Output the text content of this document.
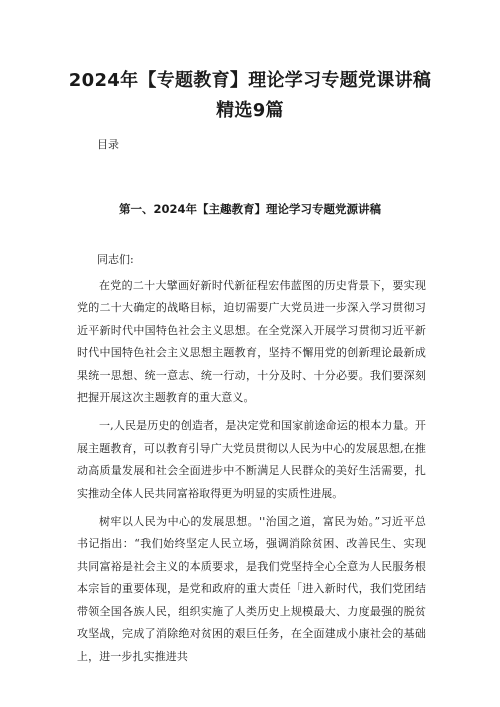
2024年【专题教育】理论学习专题党课讲稿
精选9篇
目录
第一、2024年【主趣教育】理论学习专题党源讲稿
同志们:

在党的二十大擘画好新时代新征程宏伟蓝图的历史背景下，要实现党的二十大确定的战略目标，迫切需要广大党员进一步深入学习贯彻习近平新时代中国特色社会主义思想。在全党深入开展学习贯彻习近平新时代中国特色社会主义思想主题教育，坚持不懈用党的创新理论最新成果统一思想、统一意志、统一行动，十分及时、十分必要。我们要深刻把握开展这次主题教育的重大意义。

一,人民是历史的创造者，是决定党和国家前途命运的根本力量。开展主题教育，可以教育引导广大党员贯彻以人民为中心的发展思想,在推动高质量发展和社会全面进步中不断满足人民群众的美好生活需要，扎实推动全体人民共同富裕取得更为明显的实质性进展。

树牢以人民为中心的发展思想。''治国之道，富民为始。”习近平总书记指出：“我们始终坚定人民立场，强调消除贫困、改善民生、实现共同富裕是社会主义的本质要求，是我们党坚持全心全意为人民服务根本宗旨的重要体现，是党和政府的重大责任「进入新时代，我们党团结带领全国各族人民，组织实施了人类历史上规模最大、力度最强的脱贫攻坚战，完成了消除绝对贫困的艰巨任务，在全面建成小康社会的基础上，进一步扎实推进共
